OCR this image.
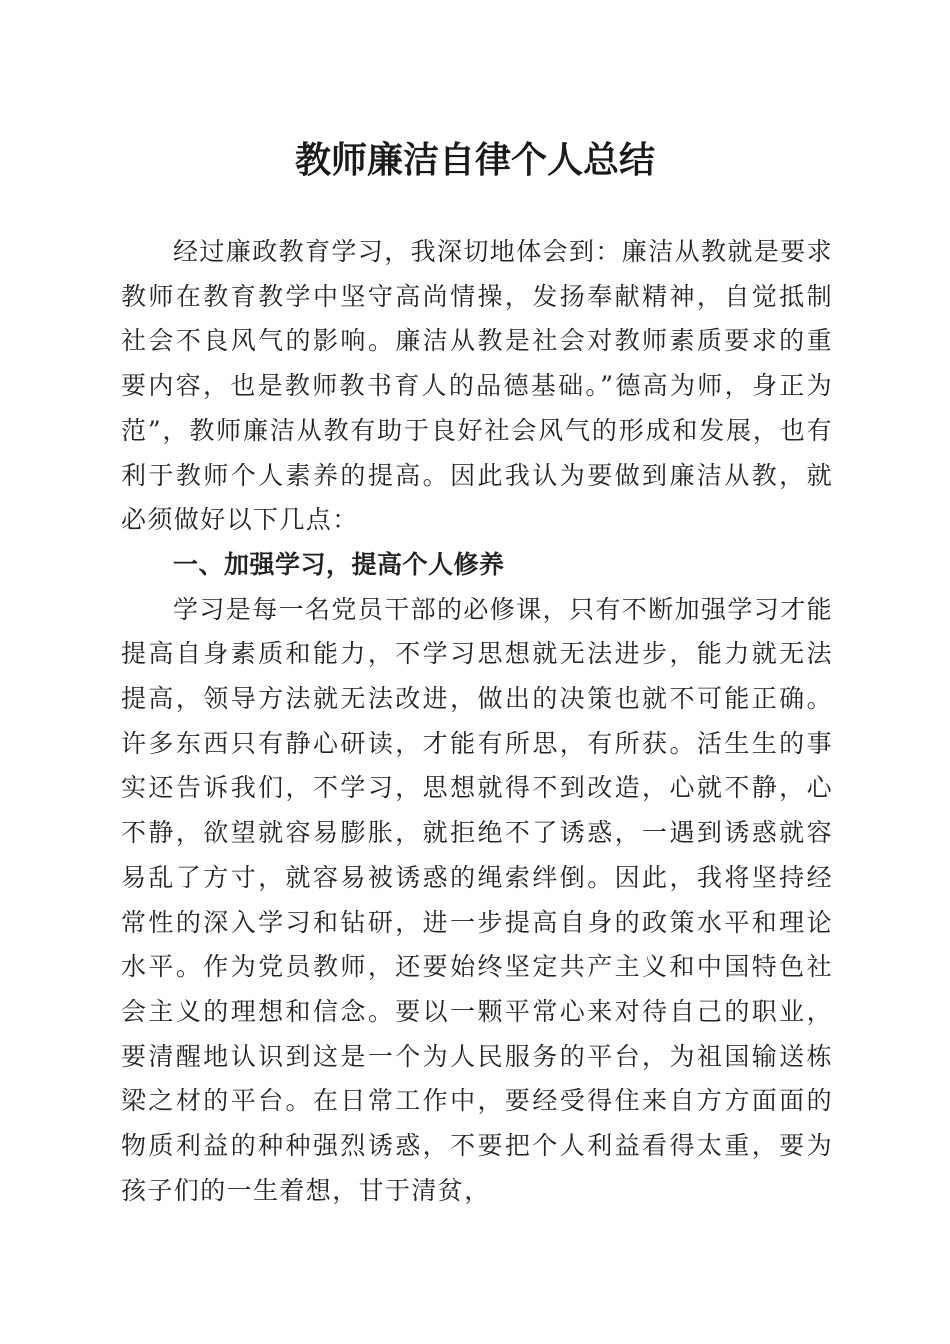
教师廉洁自律个人总结

经过廉政教育学习，我深切地体会到：廉洁从教就是要求教师在教育教学中坚守高尚情操，发扬奉献精神，自觉抵制社会不良风气的影响。廉洁从教是社会对教师素质要求的重要内容，也是教师教书育人的品德基础。”德高为师，身正为范”，教师廉洁从教有助于良好社会风气的形成和发展，也有利于教师个人素养的提高。因此我认为要做到廉洁从教，就必须做好以下几点：

一、加强学习，提高个人修养

学习是每一名党员干部的必修课，只有不断加强学习才能提高自身素质和能力，不学习思想就无法进步，能力就无法提高，领导方法就无法改进，做出的决策也就不可能正确。许多东西只有静心研读，才能有所思，有所获。活生生的事实还告诉我们，不学习，思想就得不到改造，心就不静，心不静，欲望就容易膨胀，就拒绝不了诱惑，一遇到诱惑就容易乱了方寸，就容易被诱惑的绳索绊倒。因此，我将坚持经常性的深入学习和钻研，进一步提高自身的政策水平和理论水平。作为党员教师，还要始终坚定共产主义和中国特色社会主义的理想和信念。要以一颗平常心来对待自己的职业，要清醒地认识到这是一个为人民服务的平台，为祖国输送栋梁之材的平台。在日常工作中，要经受得住来自方方面面的物质利益的种种强烈诱惑，不要把个人利益看得太重，要为孩子们的一生着想，甘于清贫，
